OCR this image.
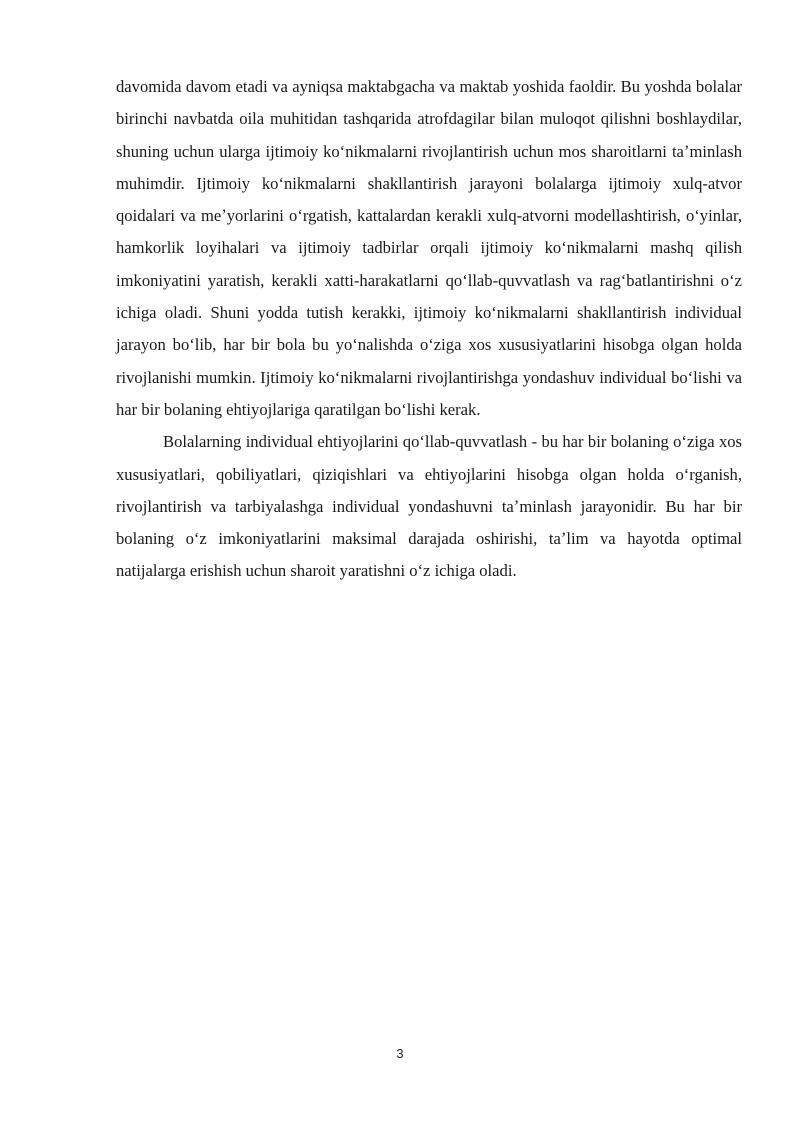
davomida davom etadi va ayniqsa maktabgacha va maktab yoshida faoldir. Bu yoshda bolalar birinchi navbatda oila muhitidan tashqarida atrofdagilar bilan muloqot qilishni boshlaydilar, shuning uchun ularga ijtimoiy koʻnikmalarni rivojlantirish uchun mos sharoitlarni taʼminlash muhimdir. Ijtimoiy koʻnikmalarni shakllantirish jarayoni bolalarga ijtimoiy xulq-atvor qoidalari va meʼyorlarini oʻrgatish, kattalardan kerakli xulq-atvorni modellashtirish, oʻyinlar, hamkorlik loyihalari va ijtimoiy tadbirlar orqali ijtimoiy koʻnikmalarni mashq qilish imkoniyatini yaratish, kerakli xatti-harakatlarni qoʻllab-quvvatlash va ragʻbatlantirishni oʻz ichiga oladi. Shuni yodda tutish kerakki, ijtimoiy koʻnikmalarni shakllantirish individual jarayon boʻlib, har bir bola bu yoʻnalishda oʻziga xos xususiyatlarini hisobga olgan holda rivojlanishi mumkin. Ijtimoiy koʻnikmalarni rivojlantirishga yondashuv individual boʻlishi va har bir bolaning ehtiyojlariga qaratilgan boʻlishi kerak.

Bolalarning individual ehtiyojlarini qoʻllab-quvvatlash - bu har bir bolaning oʻziga xos xususiyatlari, qobiliyatlari, qiziqishlari va ehtiyojlarini hisobga olgan holda oʻrganish, rivojlantirish va tarbiyalashga individual yondashuvni taʼminlash jarayonidir. Bu har bir bolaning oʻz imkoniyatlarini maksimal darajada oshirishi, taʼlim va hayotda optimal natijalarga erishish uchun sharoit yaratishni oʻz ichiga oladi.

3
